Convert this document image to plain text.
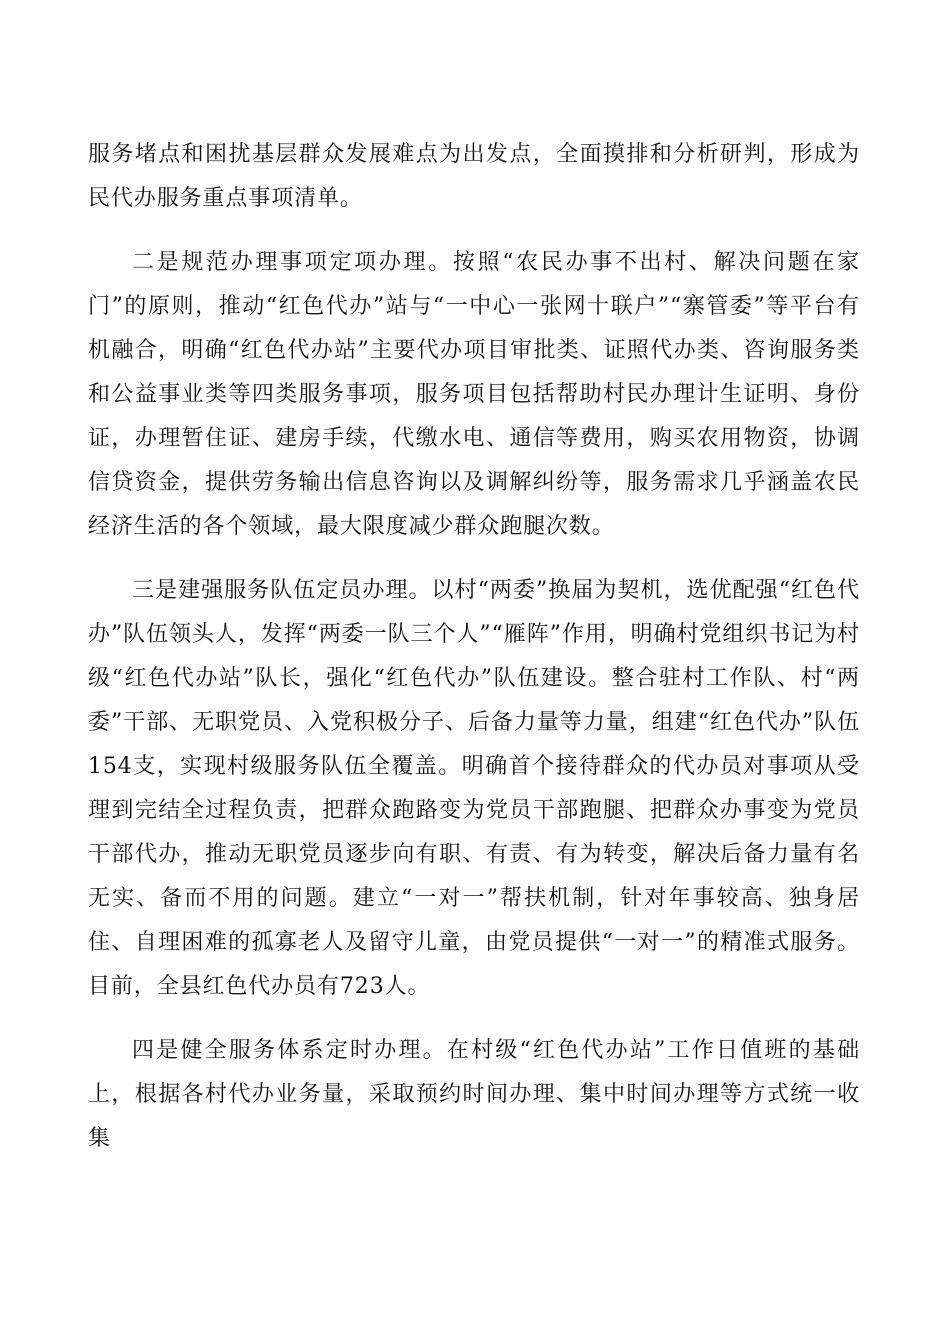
服务堵点和困扰基层群众发展难点为出发点，全面摸排和分析研判，形成为民代办服务重点事项清单。

二是规范办理事项定项办理。按照“农民办事不出村、解决问题在家门”的原则，推动“红色代办”站与“一中心一张网十联户”“寨管委”等平台有机融合，明确“红色代办站”主要代办项目审批类、证照代办类、咨询服务类和公益事业类等四类服务事项，服务项目包括帮助村民办理计生证明、身份证，办理暂住证、建房手续，代缴水电、通信等费用，购买农用物资，协调信贷资金，提供劳务输出信息咨询以及调解纠纷等，服务需求几乎涵盖农民经济生活的各个领域，最大限度减少群众跑腿次数。

三是建强服务队伍定员办理。以村“两委”换届为契机，选优配强“红色代办”队伍领头人，发挥“两委一队三个人”“雁阵”作用，明确村党组织书记为村级“红色代办站”队长，强化“红色代办”队伍建设。整合驻村工作队、村“两委”干部、无职党员、入党积极分子、后备力量等力量，组建“红色代办”队伍154支，实现村级服务队伍全覆盖。明确首个接待群众的代办员对事项从受理到完结全过程负责，把群众跑路变为党员干部跑腿、把群众办事变为党员干部代办，推动无职党员逐步向有职、有责、有为转变，解决后备力量有名无实、备而不用的问题。建立“一对一”帮扶机制，针对年事较高、独身居住、自理困难的孤寡老人及留守儿童，由党员提供“一对一”的精准式服务。目前，全县红色代办员有723人。

四是健全服务体系定时办理。在村级“红色代办站”工作日值班的基础上，根据各村代办业务量，采取预约时间办理、集中时间办理等方式统一收集
